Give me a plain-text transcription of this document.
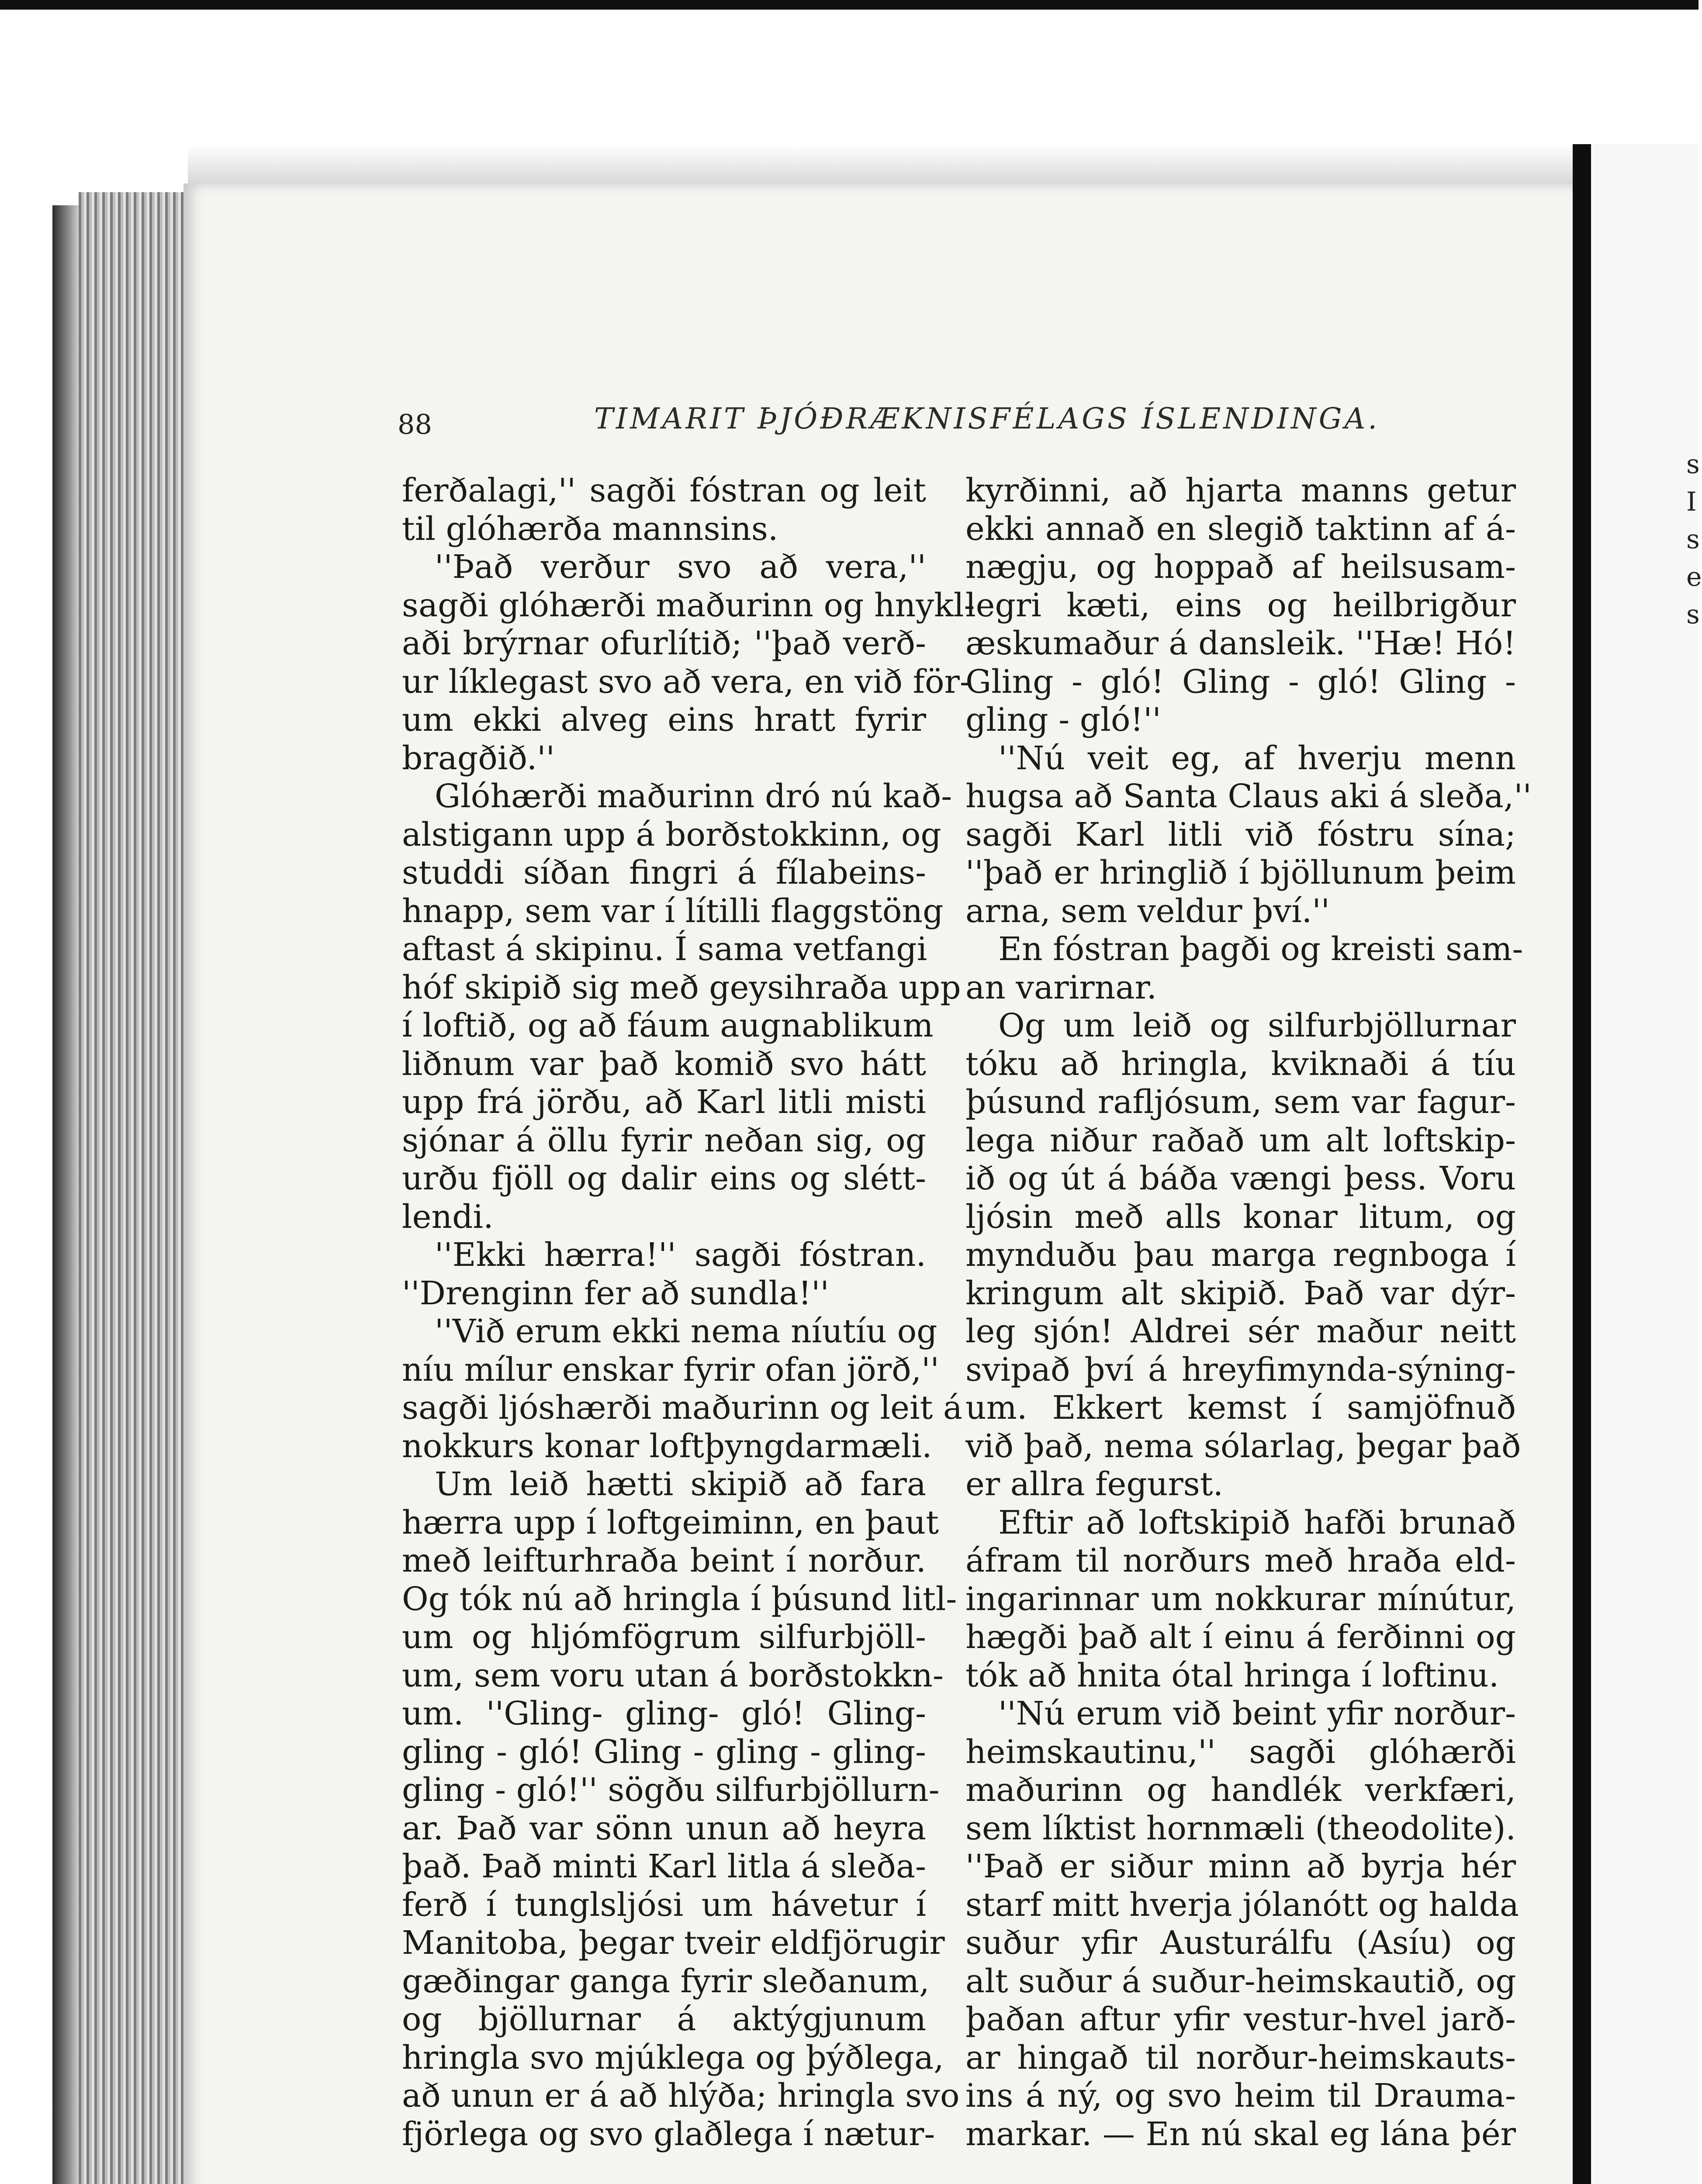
s
I
s
e
s
88	TIMARIT ÞJÓÐRÆKNISFÉLAGS ÍSLENDINGA.
ferðalagi,'' sagði fóstran og leit
til glóhærða mannsins.
''Það verður svo að vera,''
sagði glóhærði maðurinn og hnykl-
aði brýrnar ofurlítið; ''það verð-
ur líklegast svo að vera, en við för-
um ekki alveg eins hratt fyrir
bragðið.''
Glóhærði maðurinn dró nú kað-
alstigann upp á borðstokkinn, og
studdi síðan fingri á fílabeins-
hnapp, sem var í lítilli flaggstöng
aftast á skipinu. Í sama vetfangi
hóf skipið sig með geysihraða upp
í loftið, og að fáum augnablikum
liðnum var það komið svo hátt
upp frá jörðu, að Karl litli misti
sjónar á öllu fyrir neðan sig, og
urðu fjöll og dalir eins og slétt-
lendi.
''Ekki hærra!'' sagði fóstran.
''Drenginn fer að sundla!''
''Við erum ekki nema níutíu og
níu mílur enskar fyrir ofan jörð,''
sagði ljóshærði maðurinn og leit á
nokkurs konar loftþyngdarmæli.
Um leið hætti skipið að fara
hærra upp í loftgeiminn, en þaut
með leifturhraða beint í norður.
Og tók nú að hringla í þúsund litl-
um og hljómfögrum silfurbjöll-
um, sem voru utan á borðstokkn-
um. ''Gling- gling- gló! Gling-
gling - gló! Gling - gling - gling-
gling - gló!'' sögðu silfurbjöllurn-
ar. Það var sönn unun að heyra
það. Það minti Karl litla á sleða-
ferð í tunglsljósi um hávetur í
Manitoba, þegar tveir eldfjörugir
gæðingar ganga fyrir sleðanum,
og bjöllurnar á aktýgjunum
hringla svo mjúklega og þýðlega,
að unun er á að hlýða; hringla svo
fjörlega og svo glaðlega í nætur-
kyrðinni, að hjarta manns getur
ekki annað en slegið taktinn af á-
nægju, og hoppað af heilsusam-
legri kæti, eins og heilbrigður
æskumaður á dansleik. ''Hæ! Hó!
Gling - gló! Gling - gló! Gling -
gling - gló!''
''Nú veit eg, af hverju menn
hugsa að Santa Claus aki á sleða,''
sagði Karl litli við fóstru sína;
''það er hringlið í bjöllunum þeim
arna, sem veldur því.''
En fóstran þagði og kreisti sam-
an varirnar.
Og um leið og silfurbjöllurnar
tóku að hringla, kviknaði á tíu
þúsund rafljósum, sem var fagur-
lega niður raðað um alt loftskip-
ið og út á báða vængi þess. Voru
ljósin með alls konar litum, og
mynduðu þau marga regnboga í
kringum alt skipið. Það var dýr-
leg sjón! Aldrei sér maður neitt
svipað því á hreyfimynda-sýning-
um. Ekkert kemst í samjöfnuð
við það, nema sólarlag, þegar það
er allra fegurst.
Eftir að loftskipið hafði brunað
áfram til norðurs með hraða eld-
ingarinnar um nokkurar mínútur,
hægði það alt í einu á ferðinni og
tók að hnita ótal hringa í loftinu.
''Nú erum við beint yfir norður-
heimskautinu,'' sagði glóhærði
maðurinn og handlék verkfæri,
sem líktist hornmæli (theodolite).
''Það er siður minn að byrja hér
starf mitt hverja jólanótt og halda
suður yfir Austurálfu (Asíu) og
alt suður á suður-heimskautið, og
þaðan aftur yfir vestur-hvel jarð-
ar hingað til norður-heimskauts-
ins á ný, og svo heim til Drauma-
markar. — En nú skal eg lána þér
